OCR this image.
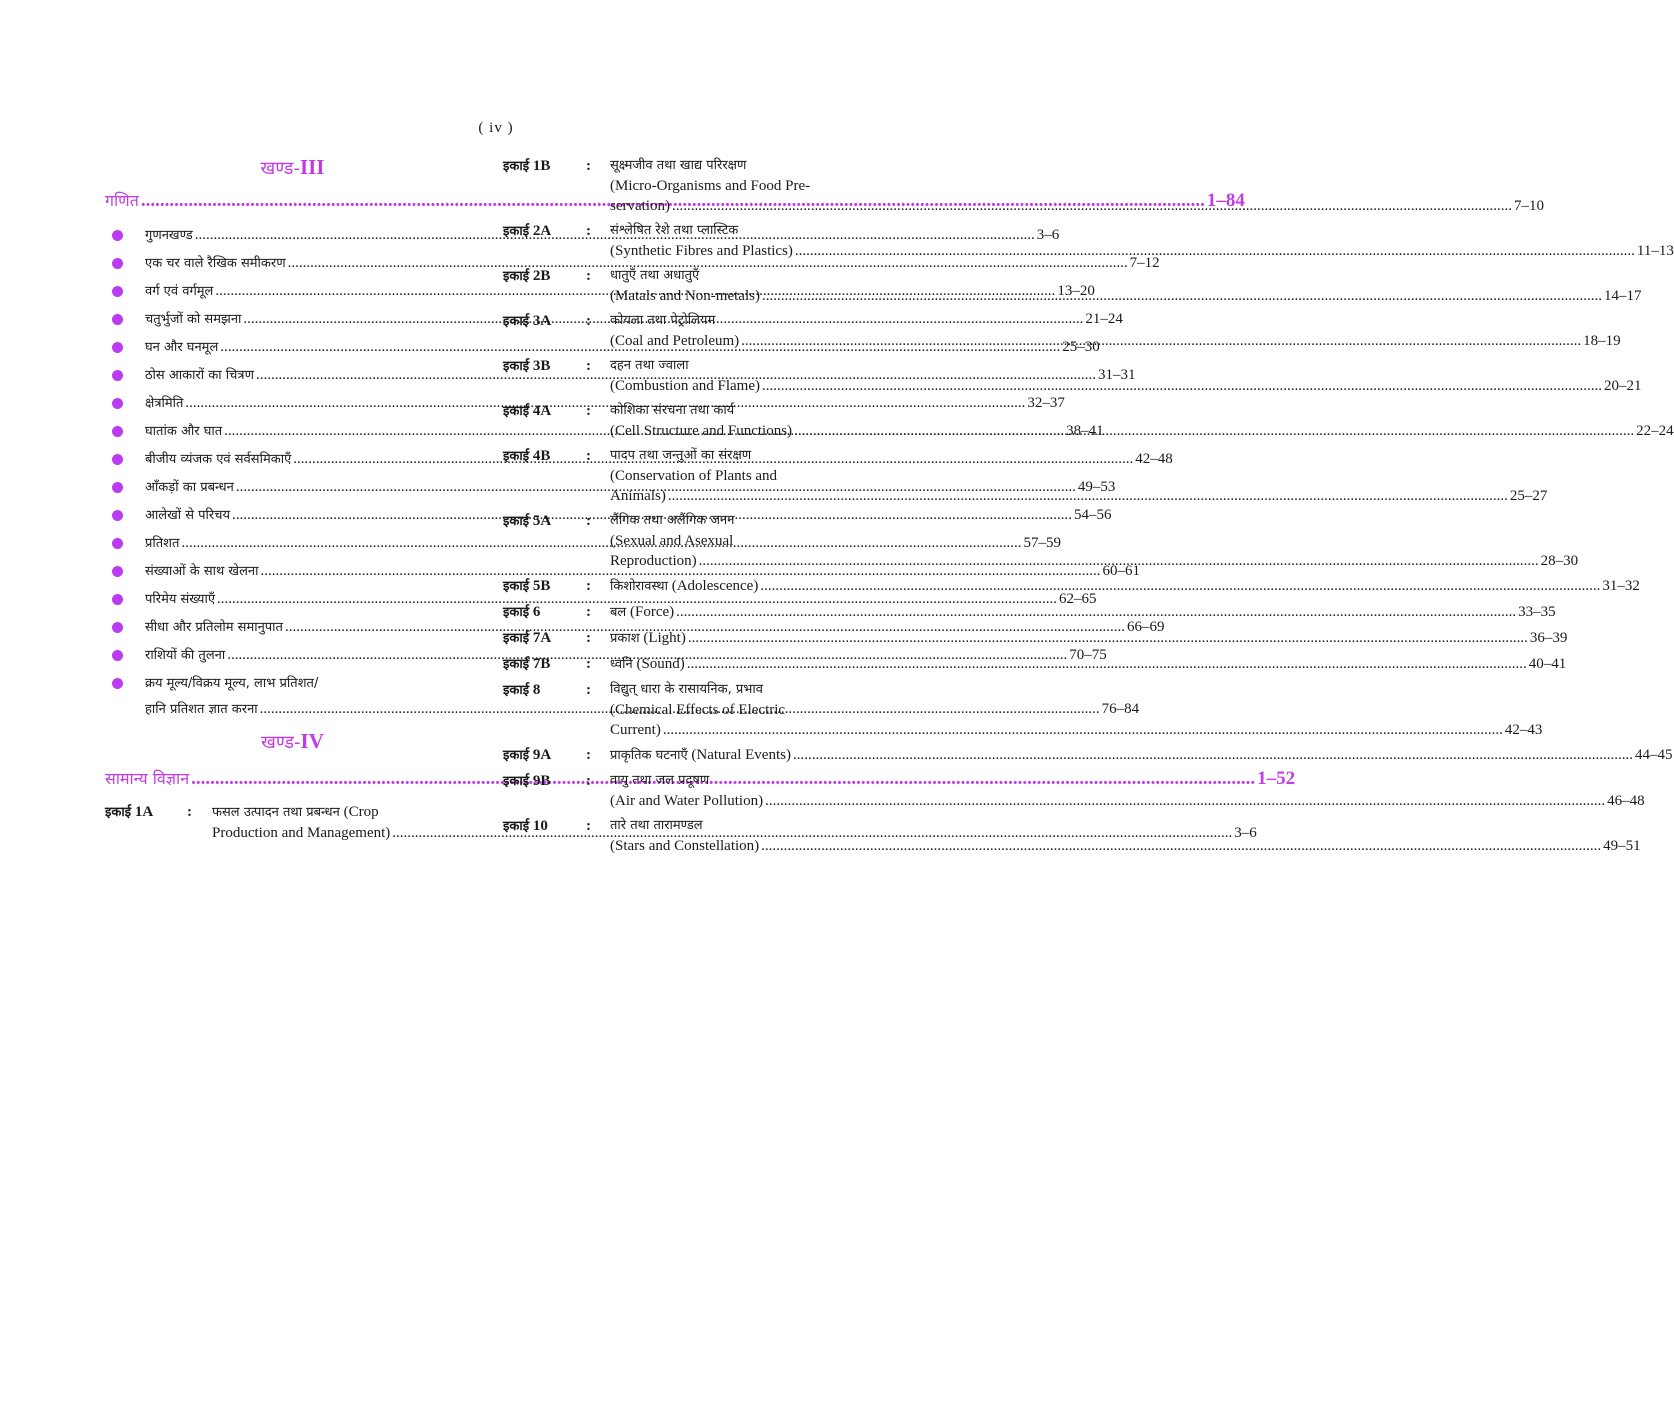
( iv )
खण्ड-III
गणित .....	1–84
गुणनखण्ड .....	3–6
एक चर वाले रैखिक समीकरण .....	7–12
वर्ग एवं वर्गमूल .....	13–20
चतुर्भुजों को समझना .....	21–24
घन और घनमूल .....	25–30
ठोस आकारों का चित्रण .....	31–31
क्षेत्रमिति .....	32–37
घातांक और घात .....	38–41
बीजीय व्यंजक एवं सर्वसमिकाएँ .....	42–48
आँकड़ों का प्रबन्धन .....	49–53
आलेखों से परिचय .....	54–56
प्रतिशत .....	57–59
संख्याओं के साथ खेलना .....	60–61
परिमेय संख्याएँ .....	62–65
सीधा और प्रतिलोम समानुपात .....	66–69
राशियों की तुलना .....	70–75
क्रय मूल्य/विक्रय मूल्य, लाभ प्रतिशत/
हानि प्रतिशत ज्ञात करना .....	76–84
खण्ड-IV
सामान्य विज्ञान .....	1–52
इकाई 1A	:	फसल उत्पादन तथा प्रबन्धन
(Crop
Production and Management) .....	3–6
इकाई 1B	:	सूक्ष्मजीव तथा खाद्य परिरक्षण
(Micro-Organisms and Food Pre-
servation) .....	7–10
इकाई 2A	:	संश्लेषित रेशे तथा प्लास्टिक
(Synthetic Fibres and Plastics) .....	11–13
इकाई 2B	:	धातुएँ तथा अधातुएँ
(Matals and Non-metals) .....	14–17
इकाई 3A	:	कोयला तथा पेट्रोलियम
(Coal and Petroleum) .....	18–19
इकाई 3B	:	दहन तथा ज्वाला
(Combustion and Flame) .....	20–21
इकाई 4A	:	कोशिका संरचना तथा कार्य
(Cell Structure and Functions) .....	22–24
इकाई 4B	:	पादप तथा जन्तुओं का संरक्षण
(Conservation of Plants and
Animals) .....	25–27
इकाई 5A	:	लैंगिक तथा अलैंगिक जनन
(Sexual and Asexual
Reproduction) .....	28–30
इकाई 5B	:	किशोरावस्था
(Adolescence) .....	31–32
इकाई 6	:	बल
(Force) .....	33–35
इकाई 7A	:	प्रकाश
(Light) .....	36–39
इकाई 7B	:	ध्वनि
(Sound) .....	40–41
इकाई 8	:	विद्युत् धारा के रासायनिक, प्रभाव
(Chemical Effects of Electric
Current) .....	42–43
इकाई 9A	:	प्राकृतिक घटनाएँ
(Natural Events) .....	44–45
इकाई 9B	:	वायु तथा जल प्रदूषण
(Air and Water Pollution) .....	46–48
इकाई 10	:	तारे तथा तारामण्डल
(Stars and Constellation) .....	49–51
